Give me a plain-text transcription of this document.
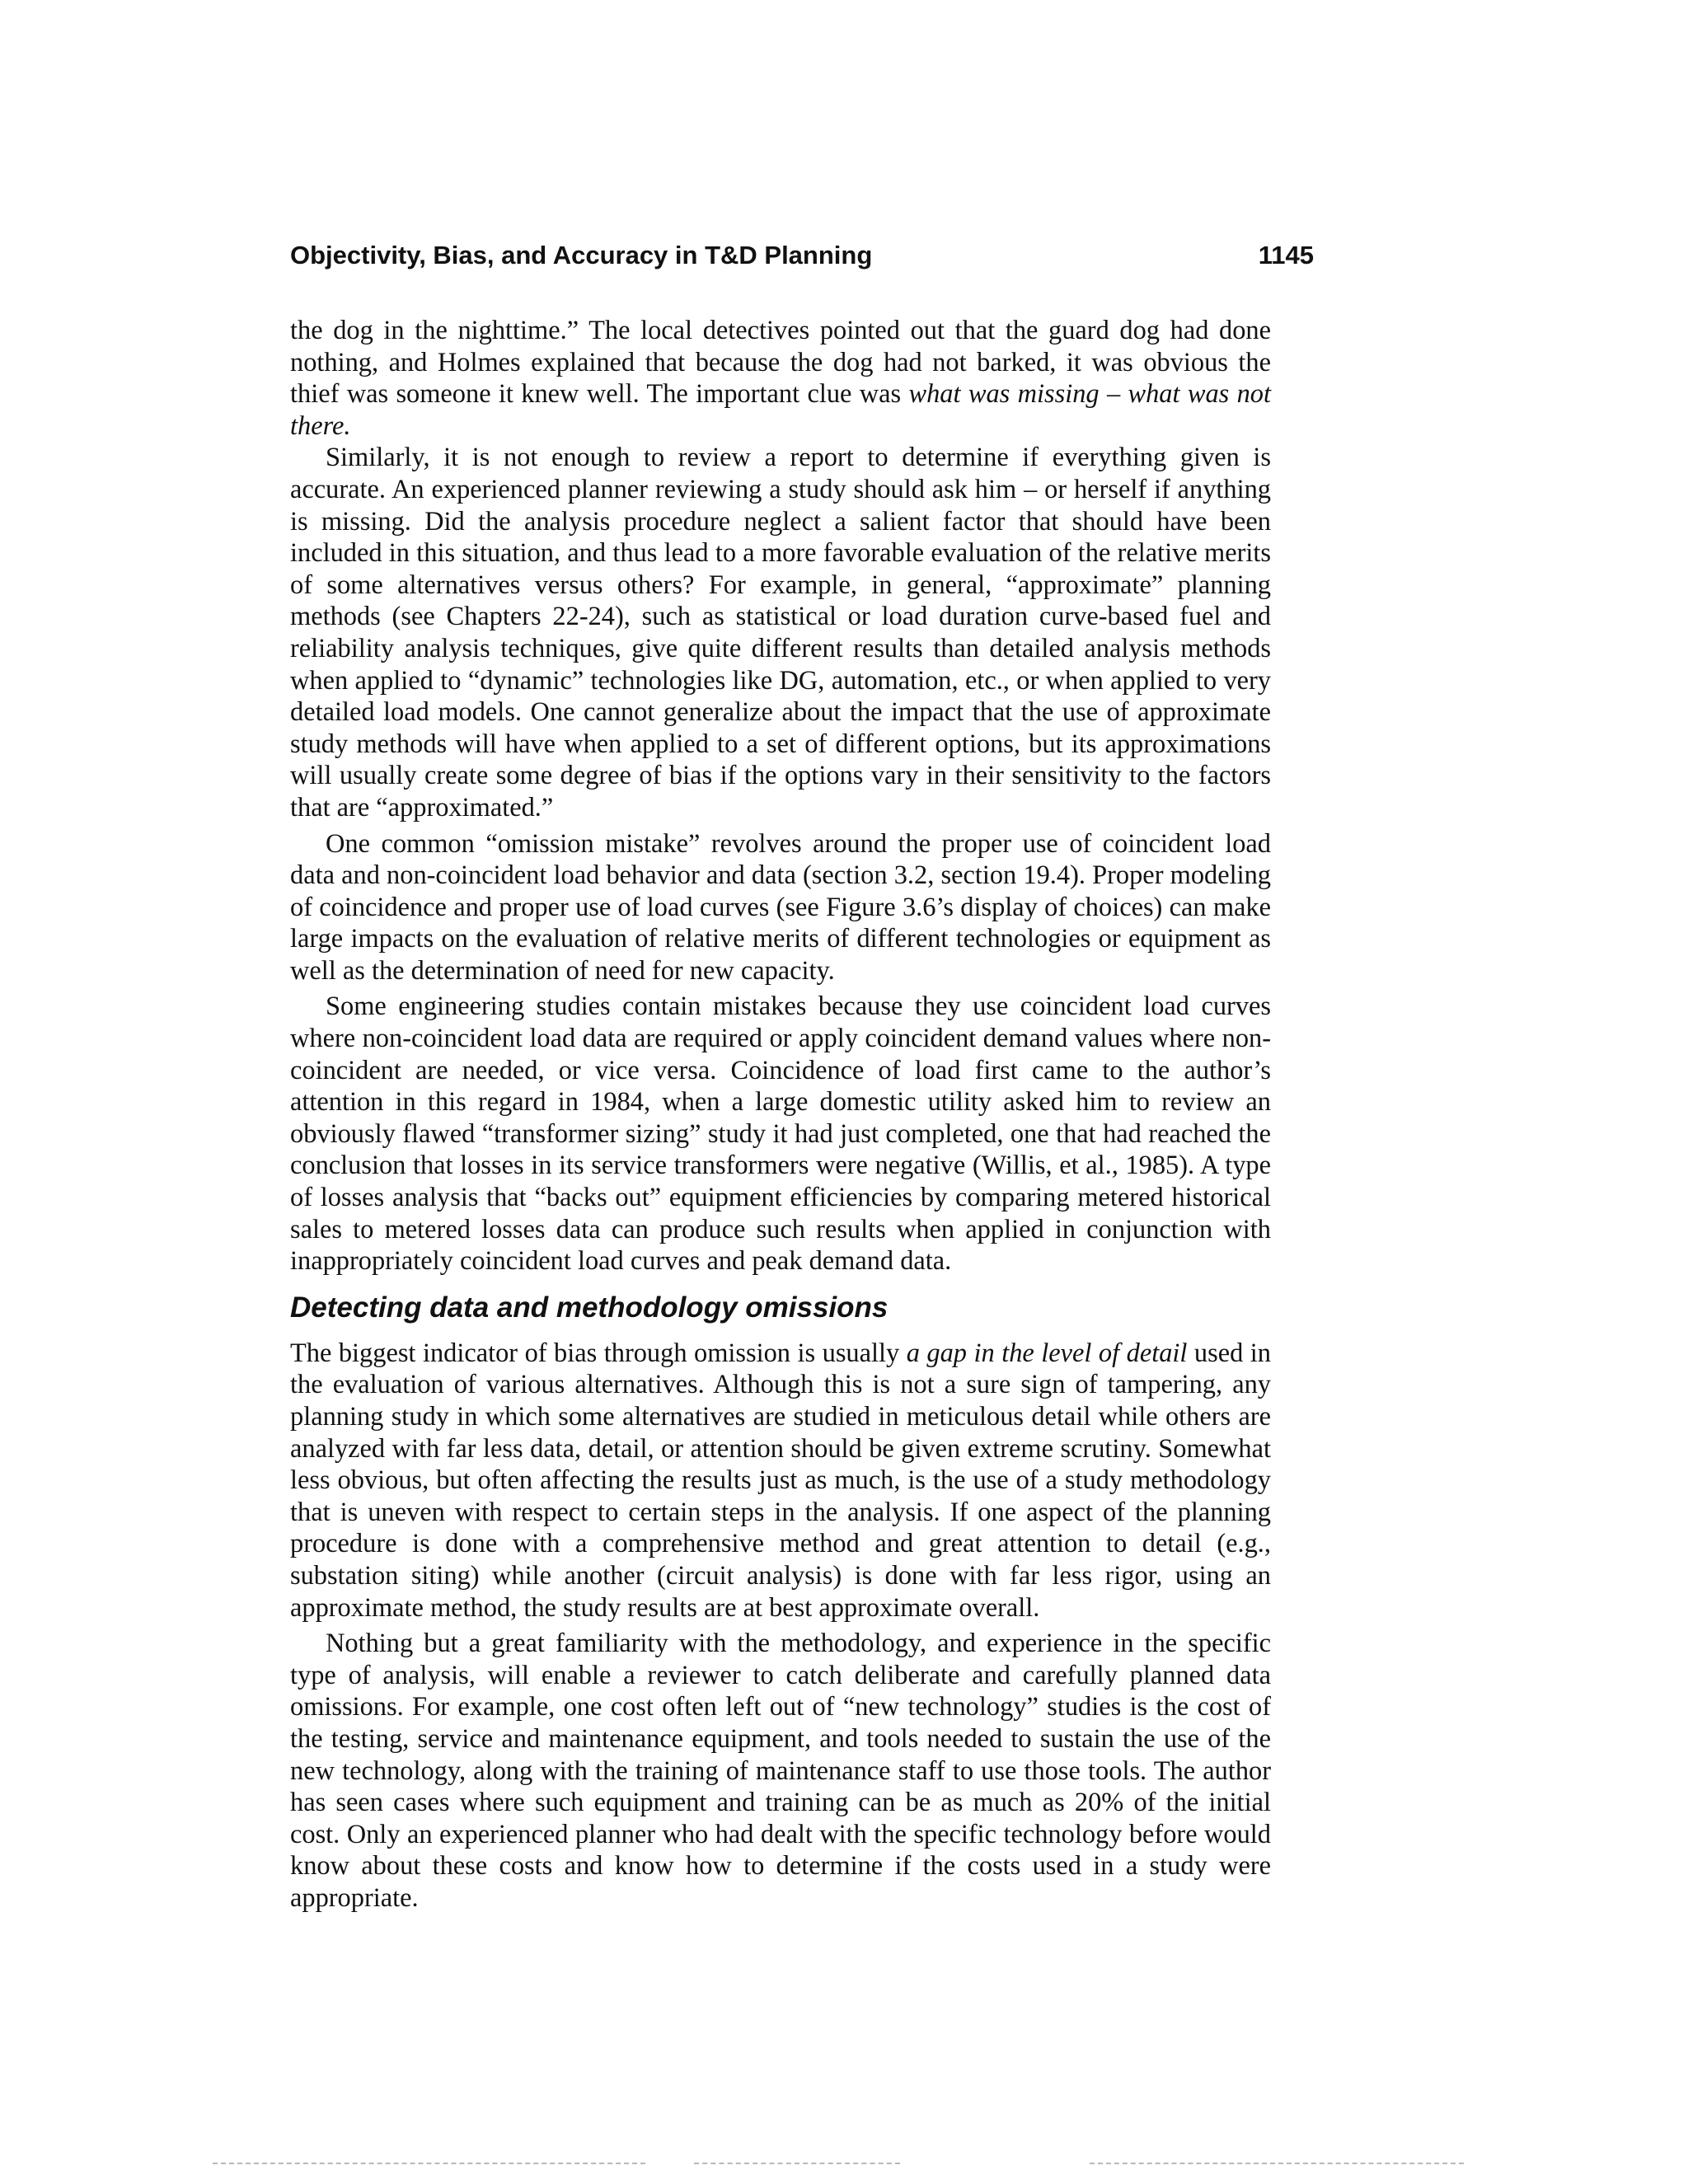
Objectivity, Bias, and Accuracy in T&D Planning	1145

the dog in the nighttime.” The local detectives pointed out that the guard dog had done nothing, and Holmes explained that because the dog had not barked, it was obvious the thief was someone it knew well. The important clue was what was missing – what was not there.

Similarly, it is not enough to review a report to determine if everything given is accurate. An experienced planner reviewing a study should ask him – or herself if anything is missing. Did the analysis procedure neglect a salient factor that should have been included in this situation, and thus lead to a more favorable evaluation of the relative merits of some alternatives versus others? For example, in general, “approximate” planning methods (see Chapters 22-24), such as statistical or load duration curve-based fuel and reliability analysis techniques, give quite different results than detailed analysis methods when applied to “dynamic” technologies like DG, automation, etc., or when applied to very detailed load models. One cannot generalize about the impact that the use of approximate study methods will have when applied to a set of different options, but its approximations will usually create some degree of bias if the options vary in their sensitivity to the factors that are “approximated.”

One common “omission mistake” revolves around the proper use of coincident load data and non-coincident load behavior and data (section 3.2, section 19.4). Proper modeling of coincidence and proper use of load curves (see Figure 3.6’s display of choices) can make large impacts on the evaluation of relative merits of different technologies or equipment as well as the determination of need for new capacity.

Some engineering studies contain mistakes because they use coincident load curves where non-coincident load data are required or apply coincident demand values where non-coincident are needed, or vice versa. Coincidence of load first came to the author’s attention in this regard in 1984, when a large domestic utility asked him to review an obviously flawed “transformer sizing” study it had just completed, one that had reached the conclusion that losses in its service transformers were negative (Willis, et al., 1985). A type of losses analysis that “backs out” equipment efficiencies by comparing metered historical sales to metered losses data can produce such results when applied in conjunction with inappropriately coincident load curves and peak demand data.

Detecting data and methodology omissions

The biggest indicator of bias through omission is usually a gap in the level of detail used in the evaluation of various alternatives. Although this is not a sure sign of tampering, any planning study in which some alternatives are studied in meticulous detail while others are analyzed with far less data, detail, or attention should be given extreme scrutiny. Somewhat less obvious, but often affecting the results just as much, is the use of a study methodology that is uneven with respect to certain steps in the analysis. If one aspect of the planning procedure is done with a comprehensive method and great attention to detail (e.g., substation siting) while another (circuit analysis) is done with far less rigor, using an approximate method, the study results are at best approximate overall.

Nothing but a great familiarity with the methodology, and experience in the specific type of analysis, will enable a reviewer to catch deliberate and carefully planned data omissions. For example, one cost often left out of “new technology” studies is the cost of the testing, service and maintenance equipment, and tools needed to sustain the use of the new technology, along with the training of maintenance staff to use those tools. The author has seen cases where such equipment and training can be as much as 20% of the initial cost. Only an experienced planner who had dealt with the specific technology before would know about these costs and know how to determine if the costs used in a study were appropriate.
